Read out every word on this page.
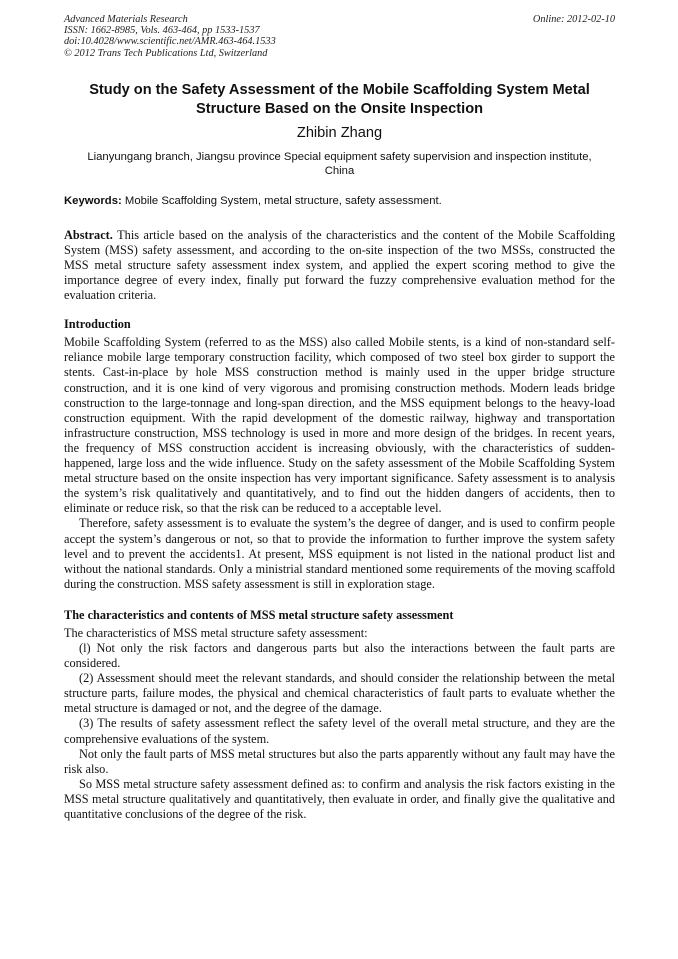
Advanced Materials Research
ISSN: 1662-8985, Vols. 463-464, pp 1533-1537
doi:10.4028/www.scientific.net/AMR.463-464.1533
© 2012 Trans Tech Publications Ltd, Switzerland
Online: 2012-02-10
Study on the Safety Assessment of the Mobile Scaffolding System Metal Structure Based on the Onsite Inspection
Zhibin Zhang
Lianyungang branch, Jiangsu province Special equipment safety supervision and inspection institute, China
Keywords: Mobile Scaffolding System, metal structure, safety assessment.
Abstract. This article based on the analysis of the characteristics and the content of the Mobile Scaffolding System (MSS) safety assessment, and according to the on-site inspection of the two MSSs, constructed the MSS metal structure safety assessment index system, and applied the expert scoring method to give the importance degree of every index, finally put forward the fuzzy comprehensive evaluation method for the evaluation criteria.
Introduction

Mobile Scaffolding System (referred to as the MSS) also called Mobile stents, is a kind of non-standard self-reliance mobile large temporary construction facility, which composed of two steel box girder to support the stents. Cast-in-place by hole MSS construction method is mainly used in the upper bridge structure construction, and it is one kind of very vigorous and promising construction methods. Modern leads bridge construction to the large-tonnage and long-span direction, and the MSS equipment belongs to the heavy-load construction equipment. With the rapid development of the domestic railway, highway and transportation infrastructure construction, MSS technology is used in more and more design of the bridges. In recent years, the frequency of MSS construction accident is increasing obviously, with the characteristics of sudden- happened, large loss and the wide influence. Study on the safety assessment of the Mobile Scaffolding System metal structure based on the onsite inspection has very important significance. Safety assessment is to analysis the system’s risk qualitatively and quantitatively, and to find out the hidden dangers of accidents, then to eliminate or reduce risk, so that the risk can be reduced to a acceptable level.

Therefore, safety assessment is to evaluate the system’s the degree of danger, and is used to confirm people accept the system’s dangerous or not, so that to provide the information to further improve the system safety level and to prevent the accidents1. At present, MSS equipment is not listed in the national product list and without the national standards. Only a ministrial standard mentioned some requirements of the moving scaffold during the construction. MSS safety assessment is still in exploration stage.

The characteristics and contents of MSS metal structure safety assessment

The characteristics of MSS metal structure safety assessment:

(l) Not only the risk factors and dangerous parts but also the interactions between the fault parts are considered.

(2) Assessment should meet the relevant standards, and should consider the relationship between the metal structure parts, failure modes, the physical and chemical characteristics of fault parts to evaluate whether the metal structure is damaged or not, and the degree of the damage.

(3) The results of safety assessment reflect the safety level of the overall metal structure, and they are the comprehensive evaluations of the system.

Not only the fault parts of MSS metal structures but also the parts apparently without any fault may have the risk also.

So MSS metal structure safety assessment defined as: to confirm and analysis the risk factors existing in the MSS metal structure qualitatively and quantitatively, then evaluate in order, and finally give the qualitative and quantitative conclusions of the degree of the risk.
